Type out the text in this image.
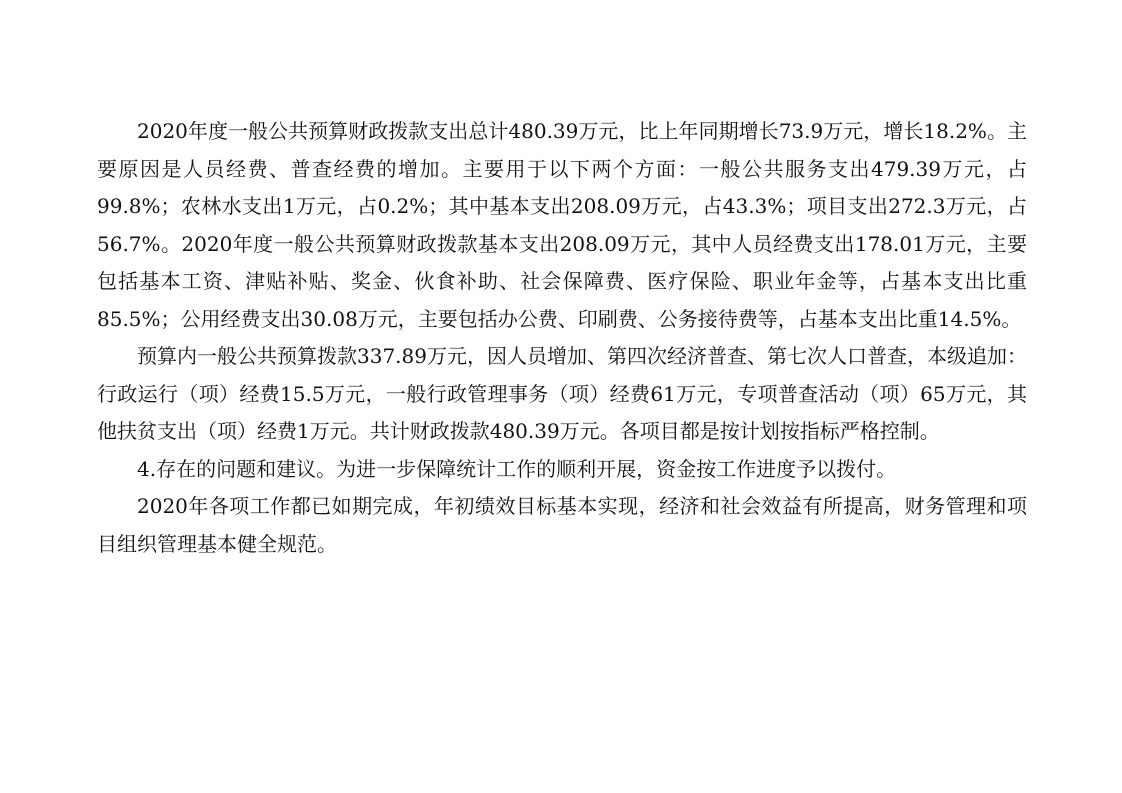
2020年度一般公共预算财政拨款支出总计480.39万元，比上年同期增长73.9万元，增长18.2%。主要原因是人员经费、普查经费的增加。主要用于以下两个方面：一般公共服务支出479.39万元，占99.8%；农林水支出1万元，占0.2%；其中基本支出208.09万元，占43.3%；项目支出272.3万元，占56.7%。2020年度一般公共预算财政拨款基本支出208.09万元，其中人员经费支出178.01万元，主要包括基本工资、津贴补贴、奖金、伙食补助、社会保障费、医疗保险、职业年金等，占基本支出比重85.5%；公用经费支出30.08万元，主要包括办公费、印刷费、公务接待费等，占基本支出比重14.5%。

预算内一般公共预算拨款337.89万元，因人员增加、第四次经济普查、第七次人口普查，本级追加：行政运行（项）经费15.5万元，一般行政管理事务（项）经费61万元，专项普查活动（项）65万元，其他扶贫支出（项）经费1万元。共计财政拨款480.39万元。各项目都是按计划按指标严格控制。

4.存在的问题和建议。为进一步保障统计工作的顺利开展，资金按工作进度予以拨付。

2020年各项工作都已如期完成，年初绩效目标基本实现，经济和社会效益有所提高，财务管理和项目组织管理基本健全规范。
